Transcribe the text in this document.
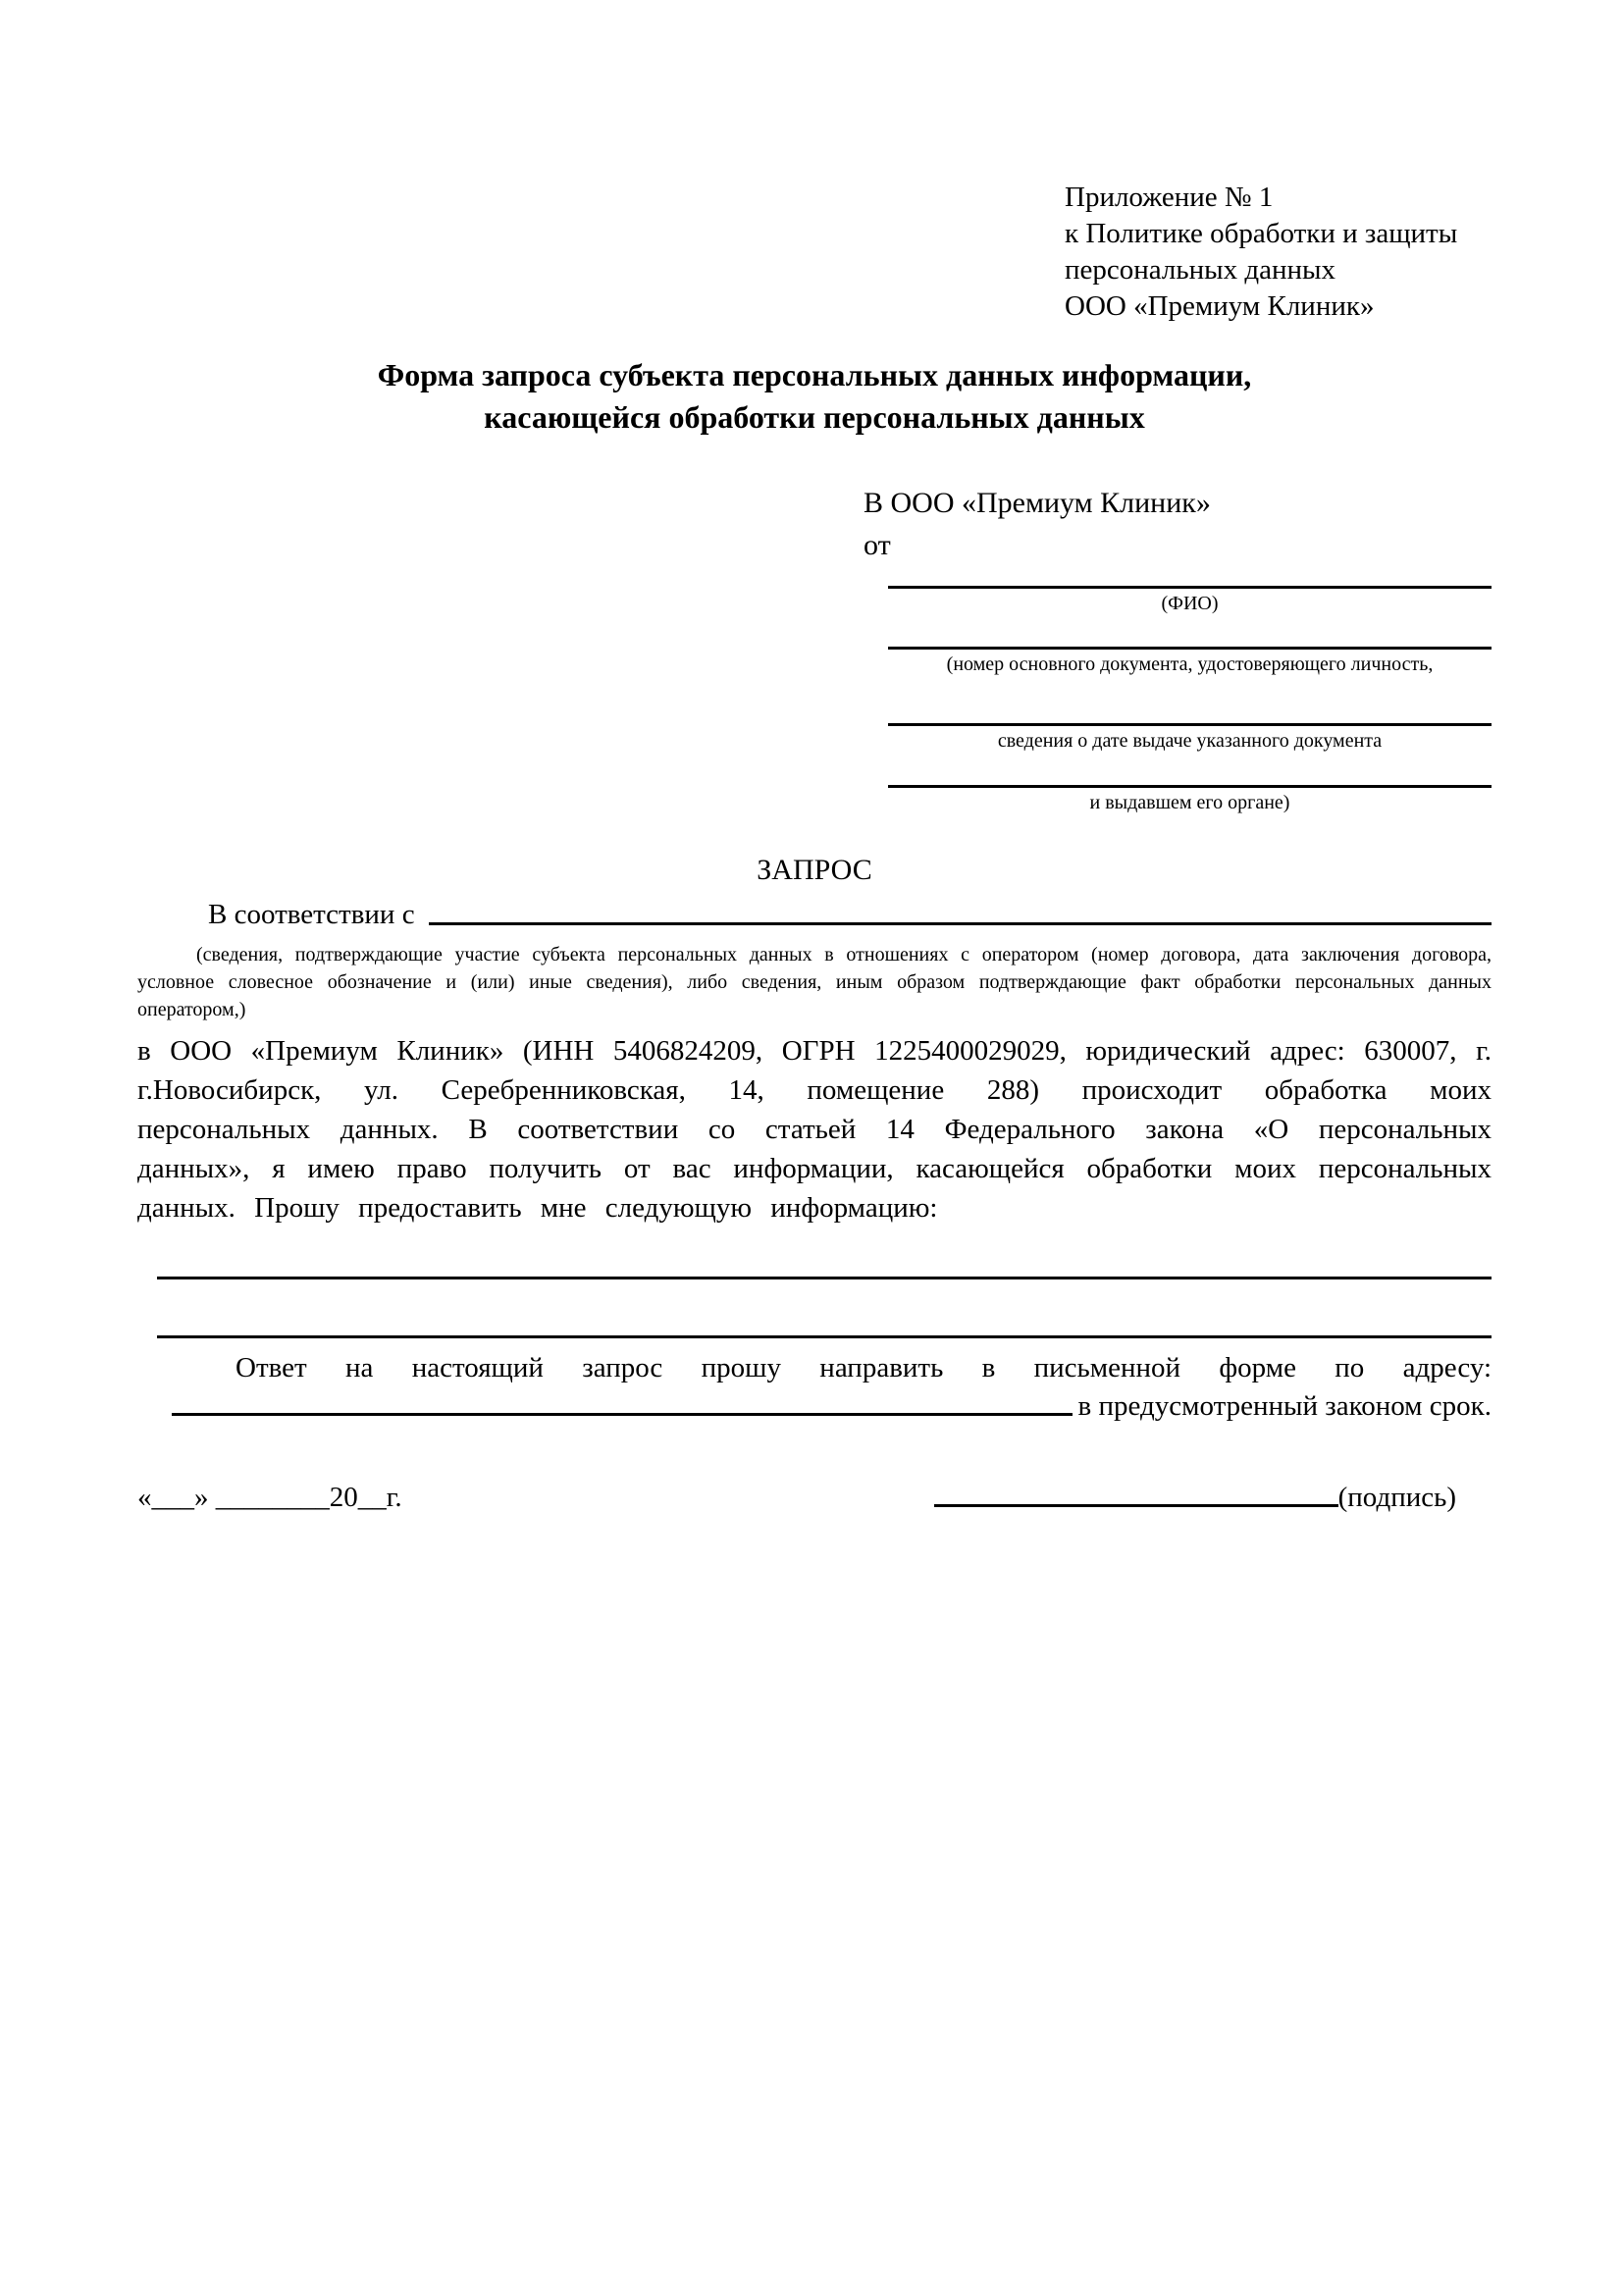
Приложение № 1
к Политике обработки и защиты
персональных данных
ООО «Премиум Клиник»
Форма запроса субъекта персональных данных информации,
касающейся обработки персональных данных
В ООО «Премиум Клиник»
от
(ФИО)
(номер основного документа, удостоверяющего личность,
сведения о дате выдаче указанного документа
и выдавшем его органе)
ЗАПРОС
В соответствии с

(сведения, подтверждающие участие субъекта персональных данных в отношениях с оператором (номер договора, дата заключения договора, условное словесное обозначение и (или) иные сведения), либо сведения, иным образом подтверждающие факт обработки персональных данных оператором,)

в ООО «Премиум Клиник» (ИНН 5406824209, ОГРН 1225400029029, юридический адрес: 630007, г. г.Новосибирск, ул. Серебренниковская, 14, помещение 288) происходит обработка моих персональных данных. В соответствии со статьей 14 Федерального закона «О персональных данных», я имею право получить от вас информации, касающейся обработки моих персональных данных. Прошу предоставить мне следующую информацию:

Ответ на настоящий запрос прошу направить в письменной форме по адресу:

в предусмотренный законом срок.
«___» ________20__г.	(подпись)
